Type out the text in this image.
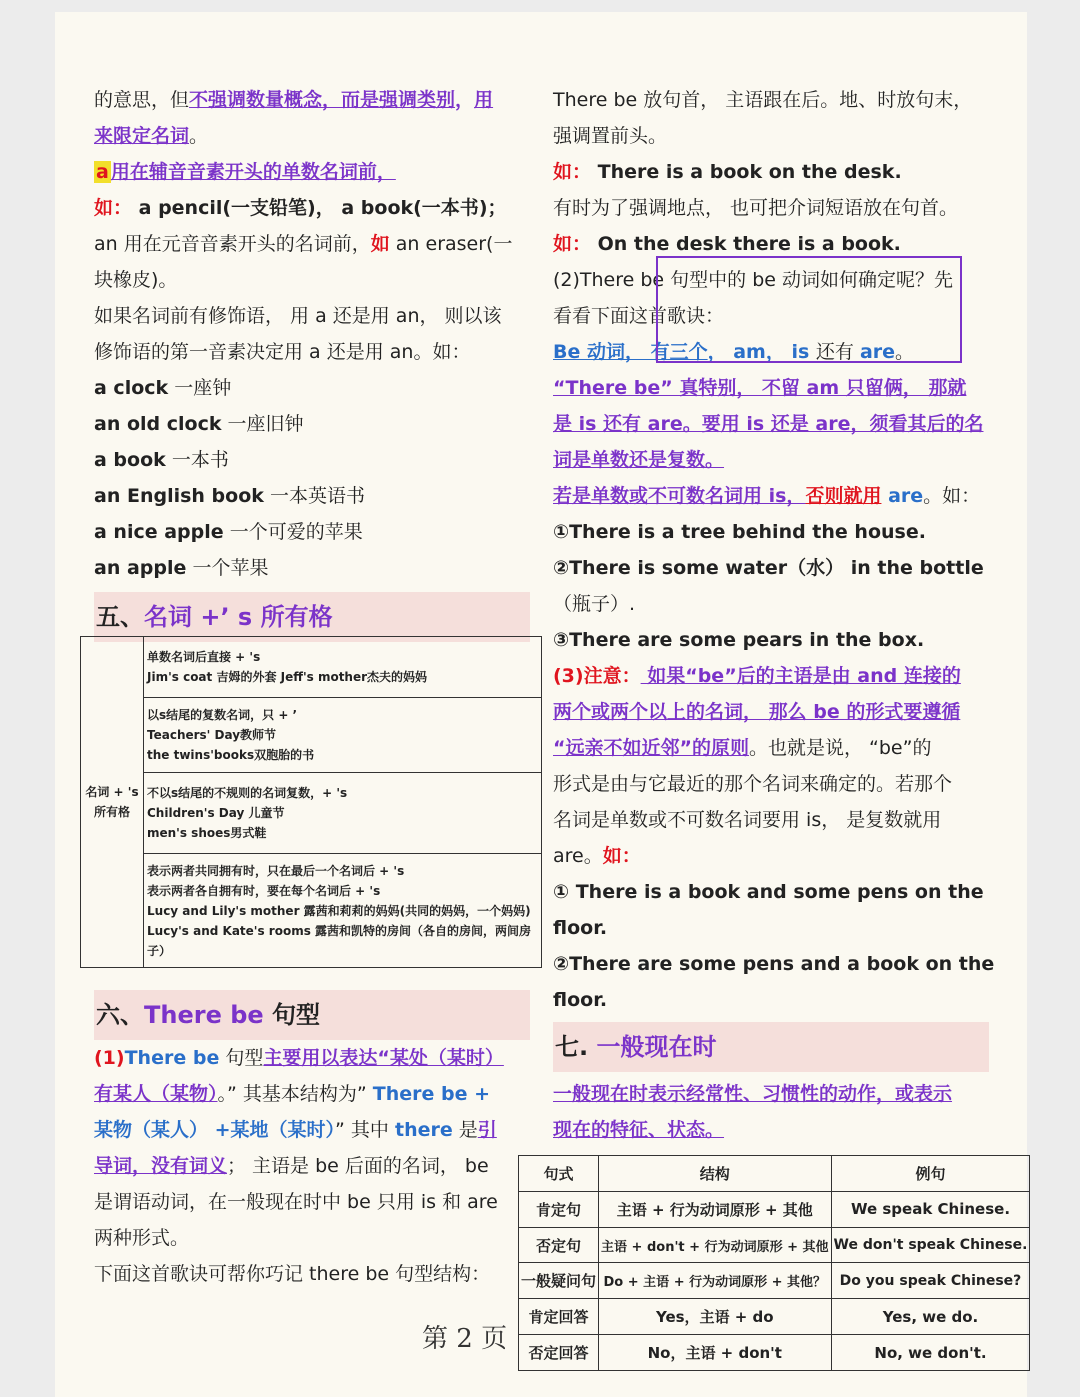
的意思，但不强调数量概念，而是强调类别，用
来限定名词。
a 用在辅音音素开头的单数名词前，
如： a pencil(一支铅笔)， a book(一本书)；
an 用在元音音素开头的名词前，如 an eraser(一
块橡皮)。
如果名词前有修饰语， 用 a 还是用 an， 则以该
修饰语的第一音素决定用 a 还是用 an。如：
a clock 一座钟
an old clock 一座旧钟
a book 一本书
an English book 一本英语书
a nice apple 一个可爱的苹果
an apple 一个苹果
五、名词 +’ s 所有格
名词 + 's
所有格

单数名词后直接 + 's
Jim's coat 吉姆的外套 Jeff's mother杰夫的妈妈

以s结尾的复数名词，只 + ’
Teachers' Day教师节
the twins'books双胞胎的书

不以s结尾的不规则的名词复数，+ 's
Children's Day 儿童节
men's shoes男式鞋

表示两者共同拥有时，只在最后一个名词后 + 's
表示两者各自拥有时，要在每个名词后 + 's
Lucy and Lily's mother 露茜和莉莉的妈妈(共同的妈妈，一个妈妈)
Lucy's and Kate's rooms 露茜和凯特的房间（各自的房间，两间房
子）
六、There be 句型
(1)There be 句型主要用以表达“某处（某时）
有某人（某物）。” 其基本结构为” There be +
某物（某人） +某地（某时）” 其中 there 是引
导词，没有词义； 主语是 be 后面的名词， be
是谓语动词，在一般现在时中 be 只用 is 和 are
两种形式。
下面这首歌诀可帮你巧记 there be 句型结构：
There be 放句首， 主语跟在后。地、时放句末，
强调置前头。
如： There is a book on the desk.
有时为了强调地点， 也可把介词短语放在句首。
如： On the desk there is a book.
(2)There be 句型中的 be 动词如何确定呢？先
看看下面这首歌诀：
Be 动词， 有三个， am， is 还有 are。
“There be” 真特别， 不留 am 只留俩， 那就
是 is 还有 are。要用 is 还是 are，须看其后的名
词是单数还是复数。
若是单数或不可数名词用 is，否则就用 are。如：
①There is a tree behind the house.
②There is some water（水） in the bottle
（瓶子）.
③There are some pears in the box.
(3)注意： 如果“be”后的主语是由 and 连接的
两个或两个以上的名词， 那么 be 的形式要遵循
“远亲不如近邻”的原则。也就是说， “be”的
形式是由与它最近的那个名词来确定的。若那个
名词是单数或不可数名词要用 is， 是复数就用
are。如：
① There is a book and some pens on the
floor.
②There are some pens and a book on the
floor.
七. 一般现在时
一般现在时表示经常性、习惯性的动作，或表示
现在的特征、状态。
句式	结构	例句
肯定句	主语 + 行为动词原形 + 其他	We speak Chinese.
否定句	主语 + don't + 行为动词原形 + 其他	We don't speak Chinese.
一般疑问句	Do + 主语 + 行为动词原形 + 其他？	Do you speak Chinese?
肯定回答	Yes，主语 + do	Yes, we do.
否定回答	No，主语 + don't	No, we don't.
第 2 页
